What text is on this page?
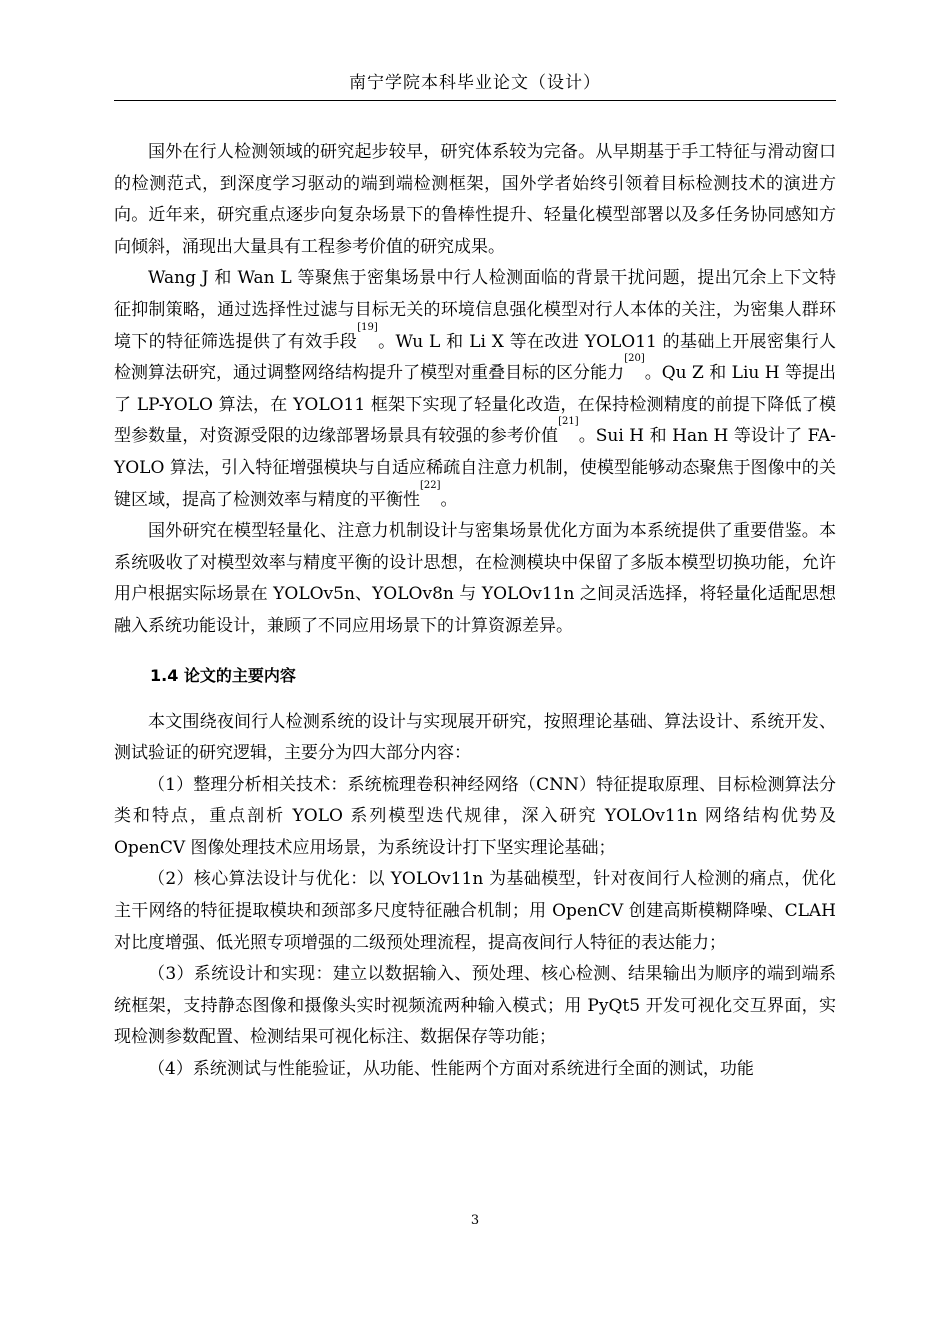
南宁学院本科毕业论文（设计）

国外在行人检测领域的研究起步较早，研究体系较为完备。从早期基于手工特征与滑动窗口的检测范式，到深度学习驱动的端到端检测框架，国外学者始终引领着目标检测技术的演进方向。近年来，研究重点逐步向复杂场景下的鲁棒性提升、轻量化模型部署以及多任务协同感知方向倾斜，涌现出大量具有工程参考价值的研究成果。

Wang J 和 Wan L 等聚焦于密集场景中行人检测面临的背景干扰问题，提出冗余上下文特征抑制策略，通过选择性过滤与目标无关的环境信息强化模型对行人本体的关注，为密集人群环境下的特征筛选提供了有效手段[19]。Wu L 和 Li X 等在改进 YOLO11 的基础上开展密集行人检测算法研究，通过调整网络结构提升了模型对重叠目标的区分能力[20]。Qu Z 和 Liu H 等提出了 LP-YOLO 算法，在 YOLO11 框架下实现了轻量化改造，在保持检测精度的前提下降低了模型参数量，对资源受限的边缘部署场景具有较强的参考价值[21]。Sui H 和 Han H 等设计了 FA-YOLO 算法，引入特征增强模块与自适应稀疏自注意力机制，使模型能够动态聚焦于图像中的关键区域，提高了检测效率与精度的平衡性[22]。

国外研究在模型轻量化、注意力机制设计与密集场景优化方面为本系统提供了重要借鉴。本系统吸收了对模型效率与精度平衡的设计思想，在检测模块中保留了多版本模型切换功能，允许用户根据实际场景在 YOLOv5n、YOLOv8n 与 YOLOv11n 之间灵活选择，将轻量化适配思想融入系统功能设计，兼顾了不同应用场景下的计算资源差异。

1.4 论文的主要内容

本文围绕夜间行人检测系统的设计与实现展开研究，按照理论基础、算法设计、系统开发、测试验证的研究逻辑，主要分为四大部分内容：

（1）整理分析相关技术：系统梳理卷积神经网络（CNN）特征提取原理、目标检测算法分类和特点，重点剖析 YOLO 系列模型迭代规律，深入研究 YOLOv11n 网络结构优势及 OpenCV 图像处理技术应用场景，为系统设计打下坚实理论基础；

（2）核心算法设计与优化：以 YOLOv11n 为基础模型，针对夜间行人检测的痛点，优化主干网络的特征提取模块和颈部多尺度特征融合机制；用 OpenCV 创建高斯模糊降噪、CLAH 对比度增强、低光照专项增强的二级预处理流程，提高夜间行人特征的表达能力；

（3）系统设计和实现：建立以数据输入、预处理、核心检测、结果输出为顺序的端到端系统框架，支持静态图像和摄像头实时视频流两种输入模式；用 PyQt5 开发可视化交互界面，实现检测参数配置、检测结果可视化标注、数据保存等功能；

（4）系统测试与性能验证，从功能、性能两个方面对系统进行全面的测试，功能

3
